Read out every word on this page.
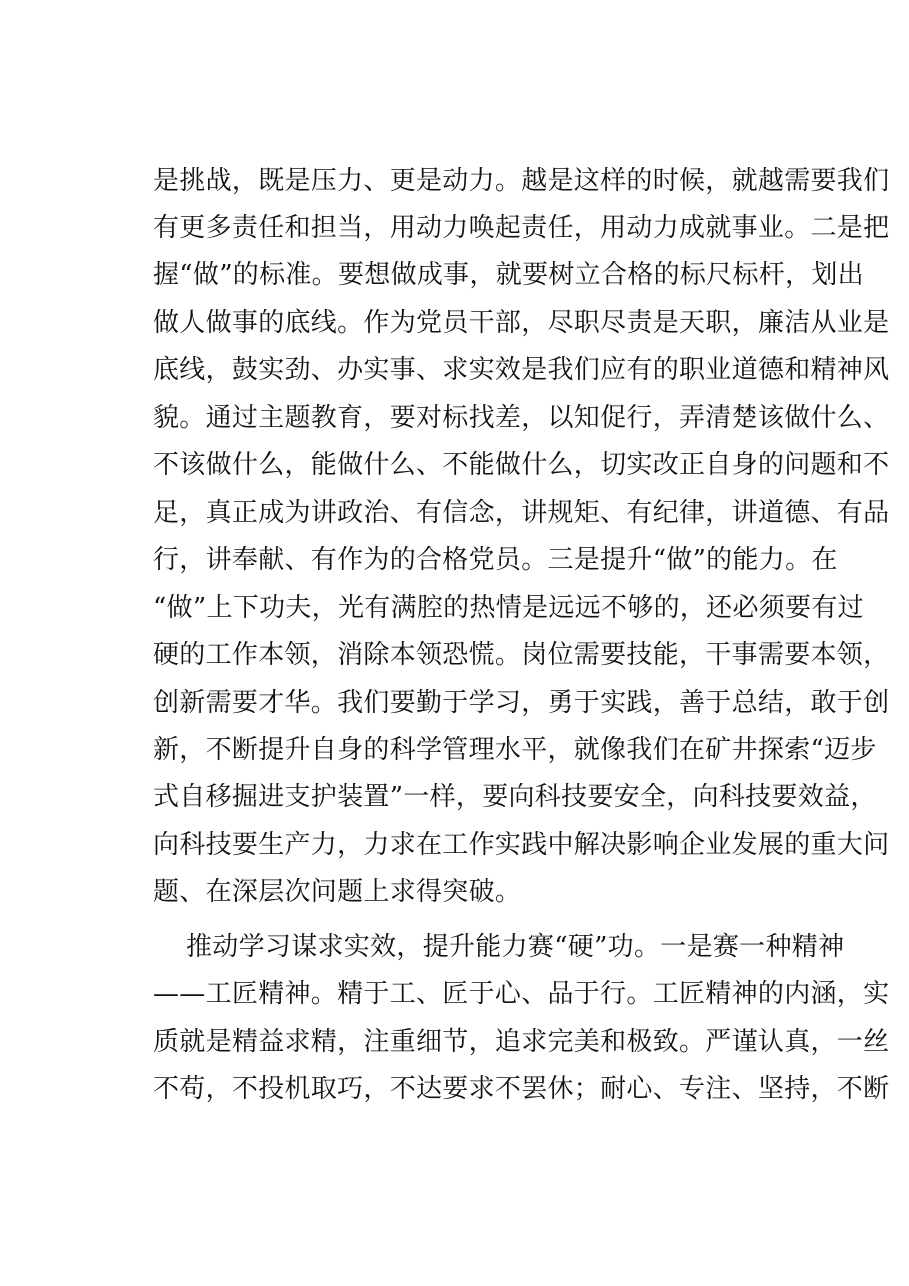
是挑战，既是压力、更是动力。越是这样的时候，就越需要我们
有更多责任和担当，用动力唤起责任，用动力成就事业。二是把
握“做”的标准。要想做成事，就要树立合格的标尺标杆，划出
做人做事的底线。作为党员干部，尽职尽责是天职，廉洁从业是
底线，鼓实劲、办实事、求实效是我们应有的职业道德和精神风
貌。通过主题教育，要对标找差，以知促行，弄清楚该做什么、
不该做什么，能做什么、不能做什么，切实改正自身的问题和不
足，真正成为讲政治、有信念，讲规矩、有纪律，讲道德、有品
行，讲奉献、有作为的合格党员。三是提升“做”的能力。在
“做”上下功夫，光有满腔的热情是远远不够的，还必须要有过
硬的工作本领，消除本领恐慌。岗位需要技能，干事需要本领，
创新需要才华。我们要勤于学习，勇于实践，善于总结，敢于创
新，不断提升自身的科学管理水平，就像我们在矿井探索“迈步
式自移掘进支护装置”一样，要向科技要安全，向科技要效益，
向科技要生产力，力求在工作实践中解决影响企业发展的重大问
题、在深层次问题上求得突破。
推动学习谋求实效，提升能力赛“硬”功。一是赛一种精神
——工匠精神。精于工、匠于心、品于行。工匠精神的内涵，实
质就是精益求精，注重细节，追求完美和极致。严谨认真，一丝
不苟，不投机取巧，不达要求不罢休；耐心、专注、坚持，不断
